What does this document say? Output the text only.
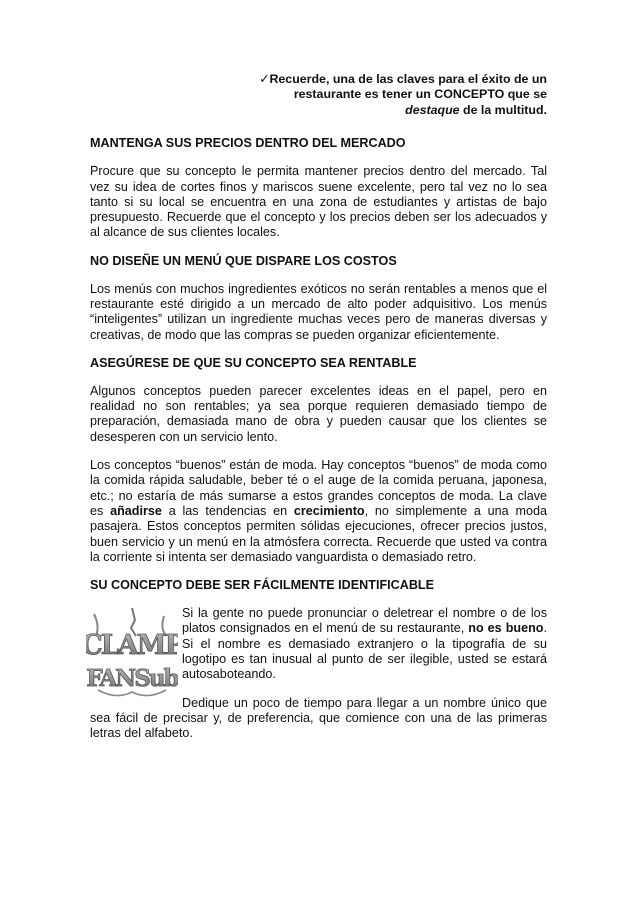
✓Recuerde, una de las claves para el éxito de un restaurante es tener un CONCEPTO que se destaque de la multitud.
MANTENGA SUS PRECIOS DENTRO DEL MERCADO

Procure que su concepto le permita mantener precios dentro del mercado. Tal vez su idea de cortes finos y mariscos suene excelente, pero tal vez no lo sea tanto si su local se encuentra en una zona de estudiantes y artistas de bajo presupuesto. Recuerde que el concepto y los precios deben ser los adecuados y al alcance de sus clientes locales.

NO DISEÑE UN MENÚ QUE DISPARE LOS COSTOS

Los menús con muchos ingredientes exóticos no serán rentables a menos que el restaurante esté dirigido a un mercado de alto poder adquisitivo. Los menús “inteligentes” utilizan un ingrediente muchas veces pero de maneras diversas y creativas, de modo que las compras se pueden organizar eficientemente.

ASEGÚRESE DE QUE SU CONCEPTO SEA RENTABLE

Algunos conceptos pueden parecer excelentes ideas en el papel, pero en realidad no son rentables; ya sea porque requieren demasiado tiempo de preparación, demasiada mano de obra y pueden causar que los clientes se desesperen con un servicio lento.

Los conceptos “buenos” están de moda. Hay conceptos “buenos” de moda como la comida rápida saludable, beber té o el auge de la comida peruana, japonesa, etc.; no estaría de más sumarse a estos grandes conceptos de moda. La clave es añadirse a las tendencias en crecimiento, no simplemente a una moda pasajera. Estos conceptos permiten sólidas ejecuciones, ofrecer precios justos, buen servicio y un menú en la atmósfera correcta. Recuerde que usted va contra la corriente si intenta ser demasiado vanguardista o demasiado retro.

SU CONCEPTO DEBE SER FÁCILMENTE IDENTIFICABLE
CLAMP
FANSub

Si la gente no puede pronunciar o deletrear el nombre o de los platos consignados en el menú de su restaurante, no es bueno. Si el nombre es demasiado extranjero o la tipografía de su logotipo es tan inusual al punto de ser ilegible, usted se estará autosaboteando.

Dedique un poco de tiempo para llegar a un nombre único que sea fácil de precisar y, de preferencia, que comience con una de las primeras letras del alfabeto.
